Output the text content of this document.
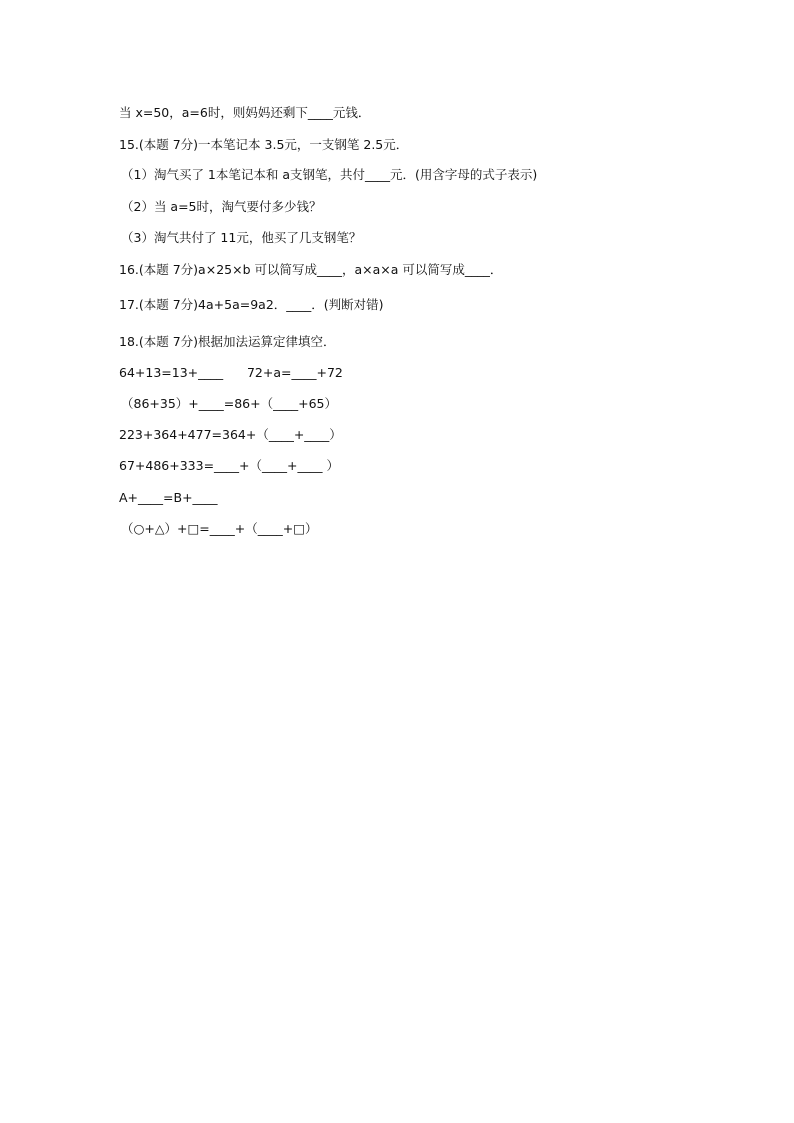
当 x=50，a=6时，则妈妈还剩下____元钱．
15.(本题 7分)一本笔记本 3.5元，一支钢笔 2.5元．
（1）淘气买了 1本笔记本和 a支钢笔，共付____元．(用含字母的式子表示)
（2）当 a=5时，淘气要付多少钱？
（3）淘气共付了 11元，他买了几支钢笔？
16.(本题 7分)a×25×b 可以简写成____，a×a×a 可以简写成____．
17.(本题 7分)4a+5a=9a2．____．(判断对错)
18.(本题 7分)根据加法运算定律填空．
64+13=13+____      72+a=____+72
（86+35）+____=86+（____+65）
223+364+477=364+（____+____）
67+486+333=____+（____+____ ）
A+____=B+____
（○+△）+□=____+（____+□）
